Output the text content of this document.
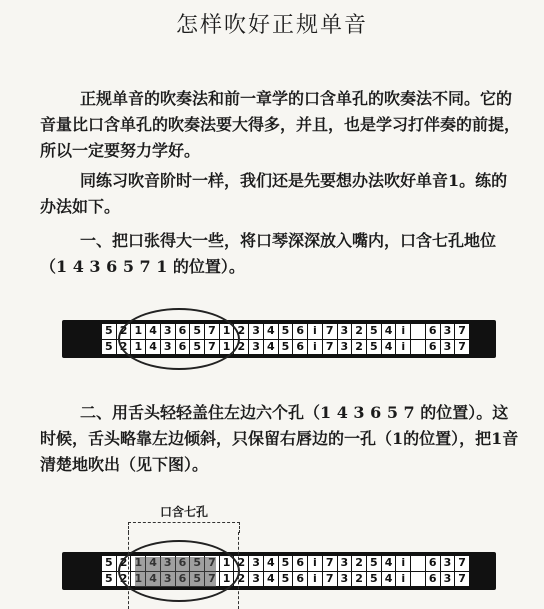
怎样吹好正规单音

正规单音的吹奏法和前一章学的口含单孔的吹奏法不同。它的音量比口含单孔的吹奏法要大得多，并且，也是学习打伴奏的前提，所以一定要努力学好。

同练习吹音阶时一样，我们还是先要想办法吹好单音1。练的办法如下。

一、把口张得大一些，将口琴深深放入嘴内，口含七孔地位（1 4 3 6 5 7 1 的位置）。

5 2 1 4 3 6 5 7 1 2 3 4 5 6 i 7 3 2 5 4 i	6 3 7
5 2 1 4 3 6 5 7 1 2 3 4 5 6 i 7 3 2 5 4 i	6 3 7

二、用舌头轻轻盖住左边六个孔（1 4 3 6 5 7 的位置）。这时候，舌头略靠左边倾斜，只保留右唇边的一孔（1的位置），把1音清楚地吹出（见下图）。

口含七孔
5 2	1 2 3 4 5 6 i 7 3 2 5 4 i	6 3 7
5 2	1 2 3 4 5 6 i 7 3 2 5 4 i	6 3 7
